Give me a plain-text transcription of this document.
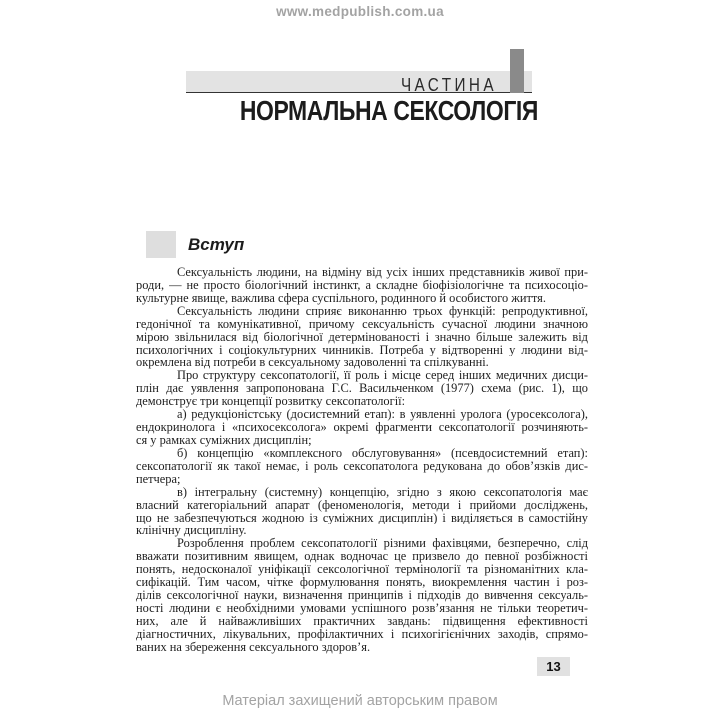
www.medpublish.com.ua
ЧАСТИНА
НОРМАЛЬНА СЕКСОЛОГІЯ
Вступ
Сексуальність людини, на відміну від усіх інших представників живої при-
роди, — не просто біологічний інстинкт, а складне біофізіологічне та психосоціо-
культурне явище, важлива сфера суспільного, родинного й особистого життя.
Сексуальність людини сприяє виконанню трьох функцій: репродуктивної,
гедонічної та комунікативної, причому сексуальність сучасної людини значною
мірою звільнилася від біологічної детермінованості і значно більше залежить від
психологічних і соціокультурних чинників. Потреба у відтворенні у людини від-
окремлена від потреби в сексуальному задоволенні та спілкуванні.
Про структуру сексопатології, її роль і місце серед інших медичних дисци-
плін дає уявлення запропонована Г.С. Васильченком (1977) схема (рис. 1), що
демонструє три концепції розвитку сексопатології:
а) редукціоністську (досистемний етап): в уявленні уролога (уросексолога),
ендокринолога і «психосексолога» окремі фрагменти сексопатології розчиняють-
ся у рамках суміжних дисциплін;
б) концепцію «комплексного обслуговування» (псевдосистемний етап):
сексопатології як такої немає, і роль сексопатолога редукована до обов’язків дис-
петчера;
в) інтегральну (системну) концепцію, згідно з якою сексопатологія має
власний категоріальний апарат (феноменологія, методи і прийоми досліджень,
що не забезпечуються жодною із суміжних дисциплін) і виділяється в самостійну
клінічну дисципліну.
Розроблення проблем сексопатології різними фахівцями, безперечно, слід
вважати позитивним явищем, однак водночас це призвело до певної розбіжності
понять, недосконалої уніфікації сексологічної термінології та різноманітних кла-
сифікацій. Тим часом, чітке формулювання понять, виокремлення частин і роз-
ділів сексологічної науки, визначення принципів і підходів до вивчення сексуаль-
ності людини є необхідними умовами успішного розв’язання не тільки теоретич-
них, але й найважливіших практичних завдань: підвищення ефективності
діагностичних, лікувальних, профілактичних і психогігієнічних заходів, спрямо-
ваних на збереження сексуального здоров’я.
13
Матеріал захищений авторським правом
